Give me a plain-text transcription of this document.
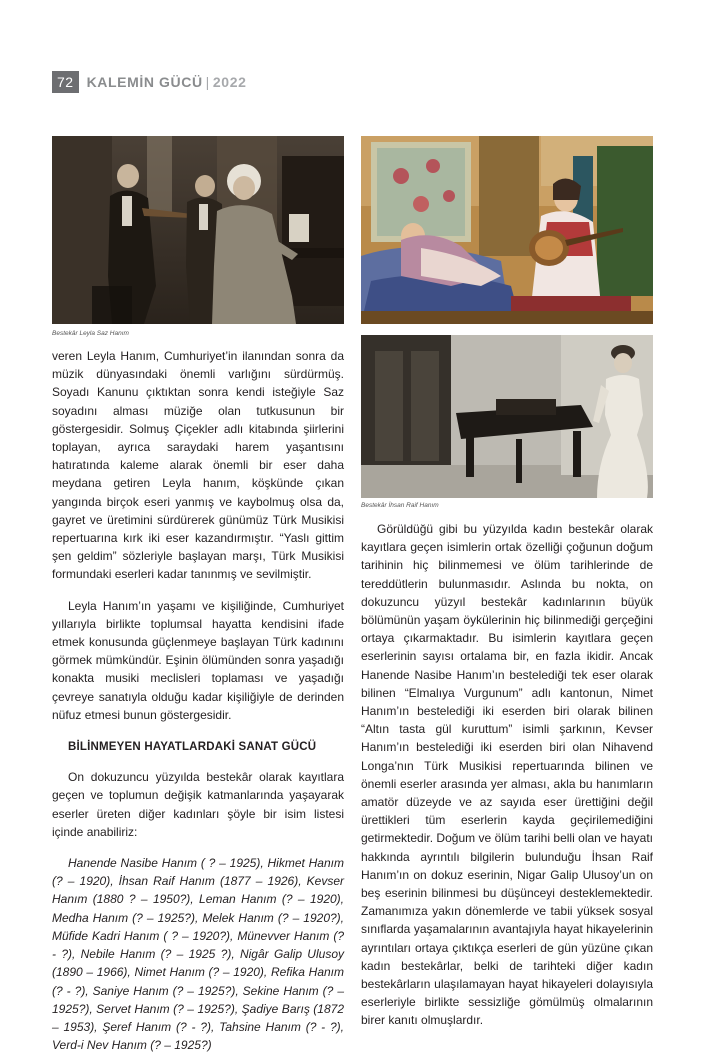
72 KALEMİN GÜCÜ | 2022
Bestekâr Leyla Saz Hanım
Bestekâr İhsan Raif Hanım

veren Leyla Hanım, Cumhuriyet’in ilanından sonra da müzik dünyasındaki önemli varlığını sürdürmüş. Soyadı Kanunu çıktıktan sonra kendi isteğiyle Saz soyadını alması müziğe olan tutkusunun bir göstergesidir. Solmuş Çiçekler adlı kitabında şiirlerini toplayan, ayrıca saraydaki harem yaşantısını hatıratında kaleme alarak önemli bir eser daha meydana getiren Leyla hanım, köşkünde çıkan yangında birçok eseri yanmış ve kaybolmuş olsa da, gayret ve üretimini sürdürerek günümüz Türk Musikisi repertuarına kırk iki eser kazandırmıştır. “Yaslı gittim şen geldim” sözleriyle başlayan marşı, Türk Musikisi formundaki eserleri kadar tanınmış ve sevilmiştir.

Leyla Hanım’ın yaşamı ve kişiliğinde, Cumhuriyet yıllarıyla birlikte toplumsal hayatta kendisini ifade etmek konusunda güçlenmeye başlayan Türk kadınını görmek mümkündür. Eşinin ölümünden sonra yaşadığı konakta musiki meclisleri toplaması ve yaşadığı çevreye sanatıyla olduğu kadar kişiliğiyle de derinden nüfuz etmesi bunun göstergesidir.

BİLİNMEYEN HAYATLARDAKİ SANAT GÜCÜ

On dokuzuncu yüzyılda bestekâr olarak kayıtlara geçen ve toplumun değişik katmanlarında yaşayarak eserler üreten diğer kadınları şöyle bir isim listesi içinde anabiliriz:

Hanende Nasibe Hanım ( ? – 1925), Hikmet Hanım (? – 1920), İhsan Raif Hanım (1877 – 1926), Kevser Hanım (1880 ? – 1950?), Leman Hanım (? – 1920), Medha Hanım (? – 1925?), Melek Hanım (? – 1920?), Müfide Kadri Hanım ( ? – 1920?), Münevver Hanım (? - ?), Nebile Hanım (? – 1925 ?), Nigâr Galip Ulusoy (1890 – 1966), Nimet Hanım (? – 1920), Refika Hanım (? - ?), Saniye Hanım (? – 1925?), Sekine Hanım (? – 1925?), Servet Hanım (? – 1925?), Şadiye Barış (1872 – 1953), Şeref Hanım (? - ?), Tahsine Hanım (? - ?), Verd-i Nev Hanım (? – 1925?)

Görüldüğü gibi bu yüzyılda kadın bestekâr olarak kayıtlara geçen isimlerin ortak özelliği çoğunun doğum tarihinin hiç bilinmemesi ve ölüm tarihlerinde de tereddütlerin bulunmasıdır. Aslında bu nokta, on dokuzuncu yüzyıl bestekâr kadınlarının büyük bölümünün yaşam öykülerinin hiç bilinmediği gerçeğini ortaya çıkarmaktadır. Bu isimlerin kayıtlara geçen eserlerinin sayısı ortalama bir, en fazla ikidir. Ancak Hanende Nasibe Hanım’ın bestelediği tek eser olarak bilinen “Elmalıya Vurgunum” adlı kantonun, Nimet Hanım’ın bestelediği iki eserden biri olarak bilinen “Altın tasta gül kuruttum” isimli şarkının, Kevser Hanım’ın bestelediği iki eserden biri olan Nihavend Longa’nın Türk Musikisi repertuarında bilinen ve önemli eserler arasında yer alması, akla bu hanımların amatör düzeyde ve az sayıda eser ürettiğini değil ürettikleri tüm eserlerin kayda geçirilemediğini getirmektedir. Doğum ve ölüm tarihi belli olan ve hayatı hakkında ayrıntılı bilgilerin bulunduğu İhsan Raif Hanım’ın on dokuz eserinin, Nigar Galip Ulusoy’un on beş eserinin bilinmesi bu düşünceyi desteklemektedir. Zamanımıza yakın dönemlerde ve tabii yüksek sosyal sınıflarda yaşamalarının avantajıyla hayat hikayelerinin ayrıntıları ortaya çıktıkça eserleri de gün yüzüne çıkan kadın bestekârlar, belki de tarihteki diğer kadın bestekârların ulaşılamayan hayat hikayeleri dolayısıyla eserleriyle birlikte sessizliğe gömülmüş olmalarının birer kanıtı olmuşlardır.
